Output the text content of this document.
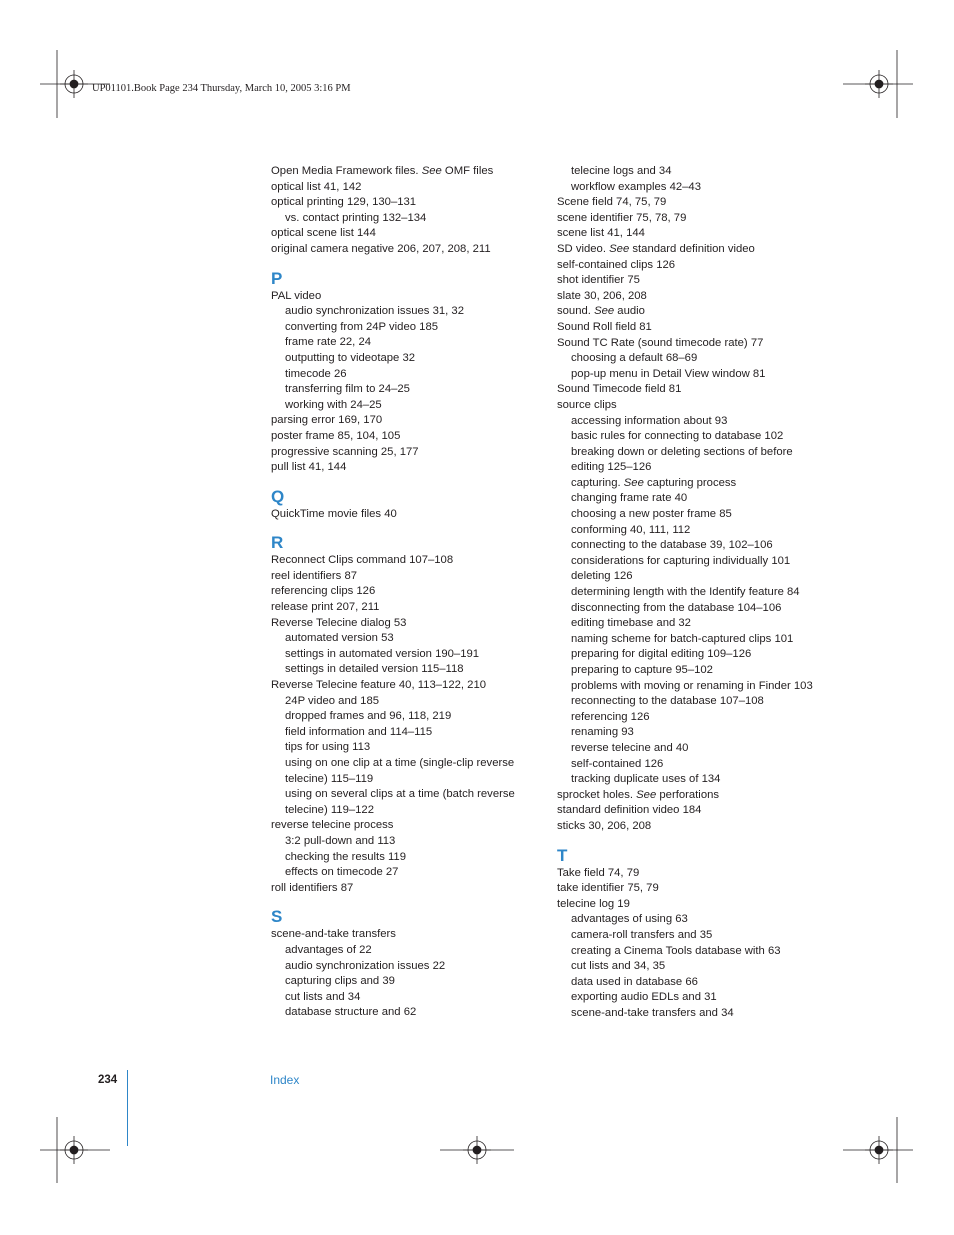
UP01101.Book Page 234 Thursday, March 10, 2005 3:16 PM
Open Media Framework files. See OMF files
optical list 41, 142
optical printing 129, 130–131
vs. contact printing 132–134
optical scene list 144
original camera negative 206, 207, 208, 211
P
PAL video
audio synchronization issues 31, 32
converting from 24P video 185
frame rate 22, 24
outputting to videotape 32
timecode 26
transferring film to 24–25
working with 24–25
parsing error 169, 170
poster frame 85, 104, 105
progressive scanning 25, 177
pull list 41, 144
Q
QuickTime movie files 40
R
Reconnect Clips command 107–108
reel identifiers 87
referencing clips 126
release print 207, 211
Reverse Telecine dialog 53
automated version 53
settings in automated version 190–191
settings in detailed version 115–118
Reverse Telecine feature 40, 113–122, 210
24P video and 185
dropped frames and 96, 118, 219
field information and 114–115
tips for using 113
using on one clip at a time (single-clip reverse telecine) 115–119
using on several clips at a time (batch reverse telecine) 119–122
reverse telecine process
3:2 pull-down and 113
checking the results 119
effects on timecode 27
roll identifiers 87
S
scene-and-take transfers
advantages of 22
audio synchronization issues 22
capturing clips and 39
cut lists and 34
database structure and 62
telecine logs and 34
workflow examples 42–43
Scene field 74, 75, 79
scene identifier 75, 78, 79
scene list 41, 144
SD video. See standard definition video
self-contained clips 126
shot identifier 75
slate 30, 206, 208
sound. See audio
Sound Roll field 81
Sound TC Rate (sound timecode rate) 77
choosing a default 68–69
pop-up menu in Detail View window 81
Sound Timecode field 81
source clips
accessing information about 93
basic rules for connecting to database 102
breaking down or deleting sections of before editing 125–126
capturing. See capturing process
changing frame rate 40
choosing a new poster frame 85
conforming 40, 111, 112
connecting to the database 39, 102–106
considerations for capturing individually 101
deleting 126
determining length with the Identify feature 84
disconnecting from the database 104–106
editing timebase and 32
naming scheme for batch-captured clips 101
preparing for digital editing 109–126
preparing to capture 95–102
problems with moving or renaming in Finder 103
reconnecting to the database 107–108
referencing 126
renaming 93
reverse telecine and 40
self-contained 126
tracking duplicate uses of 134
sprocket holes. See perforations
standard definition video 184
sticks 30, 206, 208
T
Take field 74, 79
take identifier 75, 79
telecine log 19
advantages of using 63
camera-roll transfers and 35
creating a Cinema Tools database with 63
cut lists and 34, 35
data used in database 66
exporting audio EDLs and 31
scene-and-take transfers and 34
234	Index
